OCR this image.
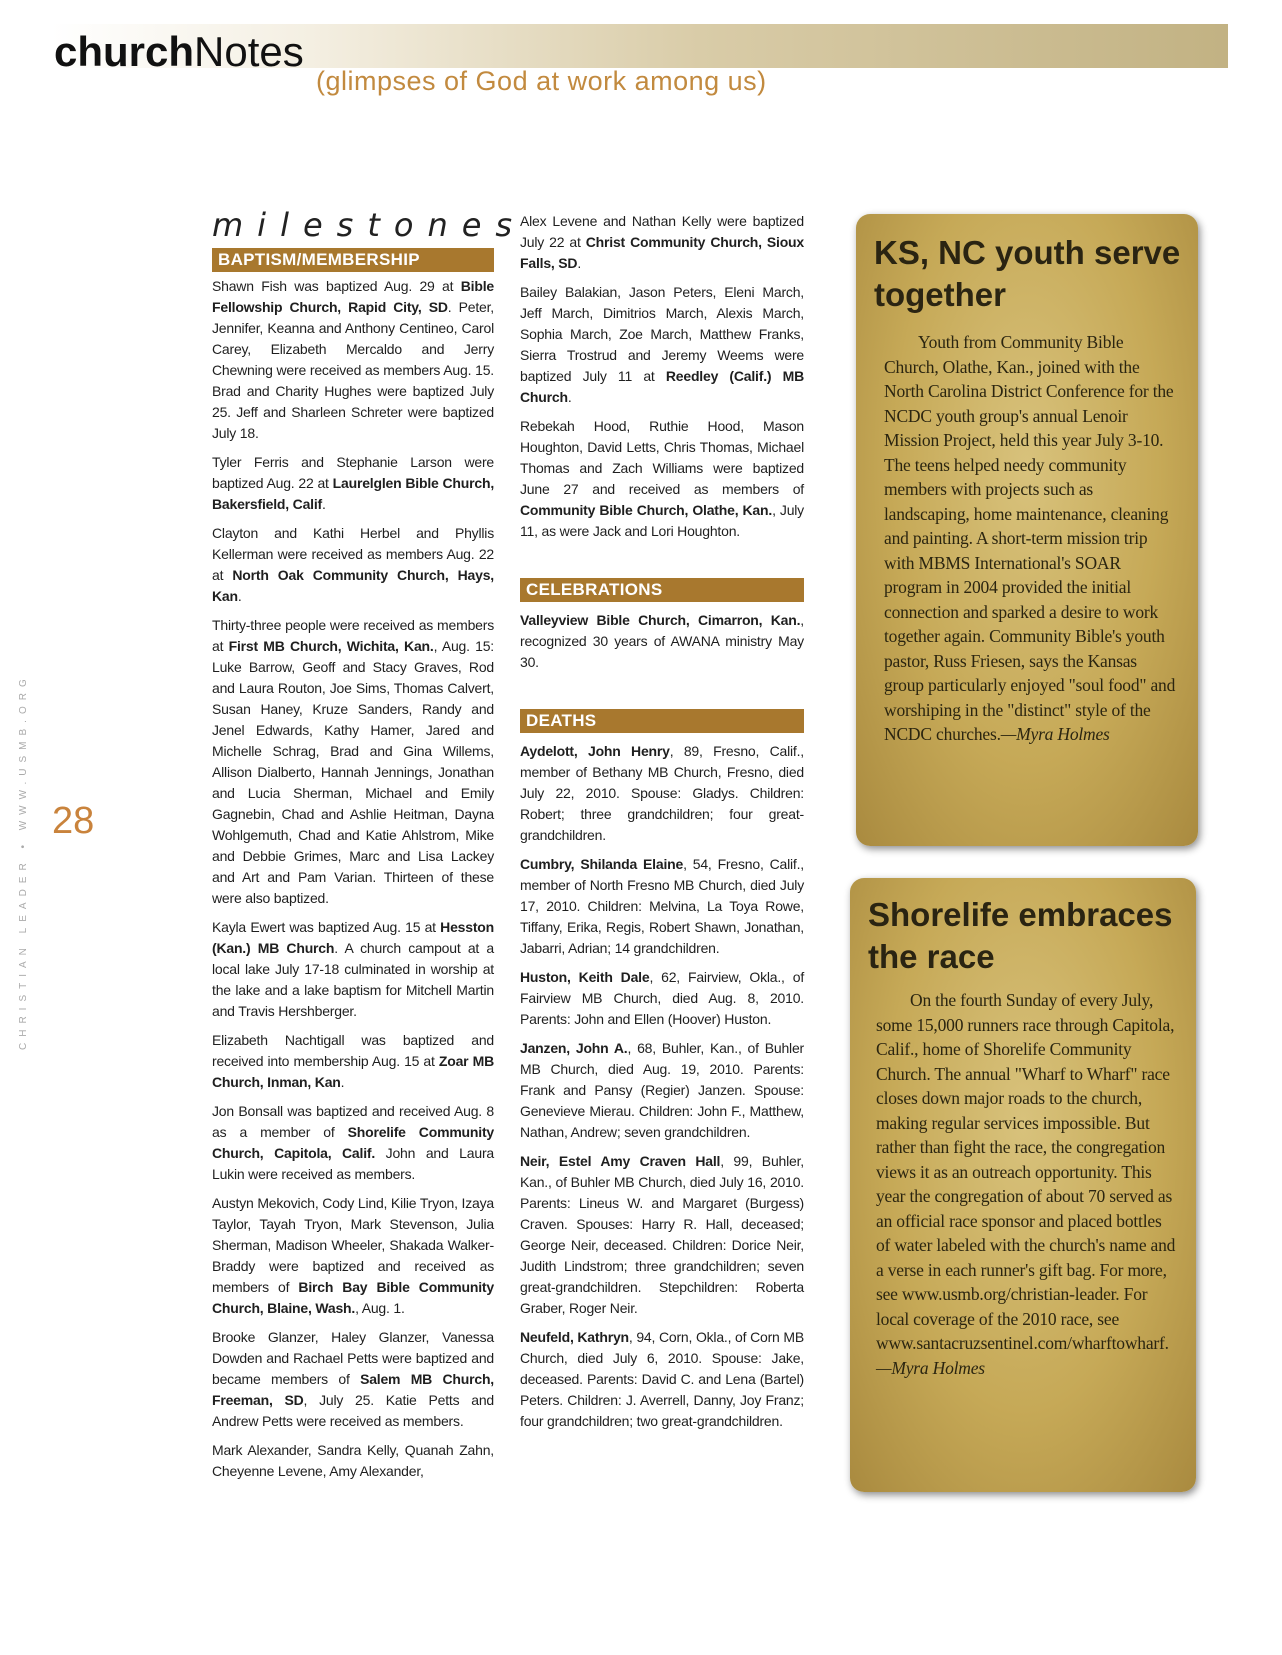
churchNotes
(glimpses of God at work among us)
CHRISTIAN LEADER • WWW.USMB.ORG 28
milestones
BAPTISM/MEMBERSHIP

Shawn Fish was baptized Aug. 29 at Bible Fellowship Church, Rapid City, SD. Peter, Jennifer, Keanna and Anthony Centineo, Carol Carey, Elizabeth Mercaldo and Jerry Chewning were received as members Aug. 15. Brad and Charity Hughes were baptized July 25. Jeff and Sharleen Schreter were baptized July 18.

Tyler Ferris and Stephanie Larson were baptized Aug. 22 at Laurelglen Bible Church, Bakersfield, Calif.

Clayton and Kathi Herbel and Phyllis Kellerman were received as members Aug. 22 at North Oak Community Church, Hays, Kan.

Thirty-three people were received as members at First MB Church, Wichita, Kan., Aug. 15: Luke Barrow, Geoff and Stacy Graves, Rod and Laura Routon, Joe Sims, Thomas Calvert, Susan Haney, Kruze Sanders, Randy and Jenel Edwards, Kathy Hamer, Jared and Michelle Schrag, Brad and Gina Willems, Allison Dialberto, Hannah Jennings, Jonathan and Lucia Sherman, Michael and Emily Gagnebin, Chad and Ashlie Heitman, Dayna Wohlgemuth, Chad and Katie Ahlstrom, Mike and Debbie Grimes, Marc and Lisa Lackey and Art and Pam Varian. Thirteen of these were also baptized.

Kayla Ewert was baptized Aug. 15 at Hesston (Kan.) MB Church. A church campout at a local lake July 17-18 culminated in worship at the lake and a lake baptism for Mitchell Martin and Travis Hershberger.

Elizabeth Nachtigall was baptized and received into membership Aug. 15 at Zoar MB Church, Inman, Kan.

Jon Bonsall was baptized and received Aug. 8 as a member of Shorelife Community Church, Capitola, Calif. John and Laura Lukin were received as members.

Austyn Mekovich, Cody Lind, Kilie Tryon, Izaya Taylor, Tayah Tryon, Mark Stevenson, Julia Sherman, Madison Wheeler, Shakada Walker-Braddy were baptized and received as members of Birch Bay Bible Community Church, Blaine, Wash., Aug. 1.

Brooke Glanzer, Haley Glanzer, Vanessa Dowden and Rachael Petts were baptized and became members of Salem MB Church, Freeman, SD, July 25. Katie Petts and Andrew Petts were received as members.

Mark Alexander, Sandra Kelly, Quanah Zahn, Cheyenne Levene, Amy Alexander,

Alex Levene and Nathan Kelly were baptized July 22 at Christ Community Church, Sioux Falls, SD.

Bailey Balakian, Jason Peters, Eleni March, Jeff March, Dimitrios March, Alexis March, Sophia March, Zoe March, Matthew Franks, Sierra Trostrud and Jeremy Weems were baptized July 11 at Reedley (Calif.) MB Church.

Rebekah Hood, Ruthie Hood, Mason Houghton, David Letts, Chris Thomas, Michael Thomas and Zach Williams were baptized June 27 and received as members of Community Bible Church, Olathe, Kan., July 11, as were Jack and Lori Houghton.

CELEBRATIONS

Valleyview Bible Church, Cimarron, Kan., recognized 30 years of AWANA ministry May 30.

DEATHS

Aydelott, John Henry, 89, Fresno, Calif., member of Bethany MB Church, Fresno, died July 22, 2010. Spouse: Gladys. Children: Robert; three grandchildren; four great-grandchildren.

Cumbry, Shilanda Elaine, 54, Fresno, Calif., member of North Fresno MB Church, died July 17, 2010. Children: Melvina, La Toya Rowe, Tiffany, Erika, Regis, Robert Shawn, Jonathan, Jabarri, Adrian; 14 grandchildren.

Huston, Keith Dale, 62, Fairview, Okla., of Fairview MB Church, died Aug. 8, 2010. Parents: John and Ellen (Hoover) Huston.

Janzen, John A., 68, Buhler, Kan., of Buhler MB Church, died Aug. 19, 2010. Parents: Frank and Pansy (Regier) Janzen. Spouse: Genevieve Mierau. Children: John F., Matthew, Nathan, Andrew; seven grandchildren.

Neir, Estel Amy Craven Hall, 99, Buhler, Kan., of Buhler MB Church, died July 16, 2010. Parents: Lineus W. and Margaret (Burgess) Craven. Spouses: Harry R. Hall, deceased; George Neir, deceased. Children: Dorice Neir, Judith Lindstrom; three grandchildren; seven great-grandchildren. Stepchildren: Roberta Graber, Roger Neir.

Neufeld, Kathryn, 94, Corn, Okla., of Corn MB Church, died July 6, 2010. Spouse: Jake, deceased. Parents: David C. and Lena (Bartel) Peters. Children: J. Averrell, Danny, Joy Franz; four grandchildren; two great-grandchildren.

KS, NC youth serve together
Youth from Community Bible Church, Olathe, Kan., joined with the North Carolina District Conference for the NCDC youth group's annual Lenoir Mission Project, held this year July 3-10. The teens helped needy community members with projects such as landscaping, home maintenance, cleaning and painting. A short-term mission trip with MBMS International's SOAR program in 2004 provided the initial connection and sparked a desire to work together again. Community Bible's youth pastor, Russ Friesen, says the Kansas group particularly enjoyed "soul food" and worshiping in the "distinct" style of the NCDC churches.—Myra Holmes
Shorelife embraces the race
On the fourth Sunday of every July, some 15,000 runners race through Capitola, Calif., home of Shorelife Community Church. The annual "Wharf to Wharf" race closes down major roads to the church, making regular services impossible. But rather than fight the race, the congregation views it as an outreach opportunity. This year the congregation of about 70 served as an official race sponsor and placed bottles of water labeled with the church's name and a verse in each runner's gift bag. For more, see www.usmb.org/christian-leader. For local coverage of the 2010 race, see www.santacruzsentinel.com/wharftowharf.—Myra Holmes
